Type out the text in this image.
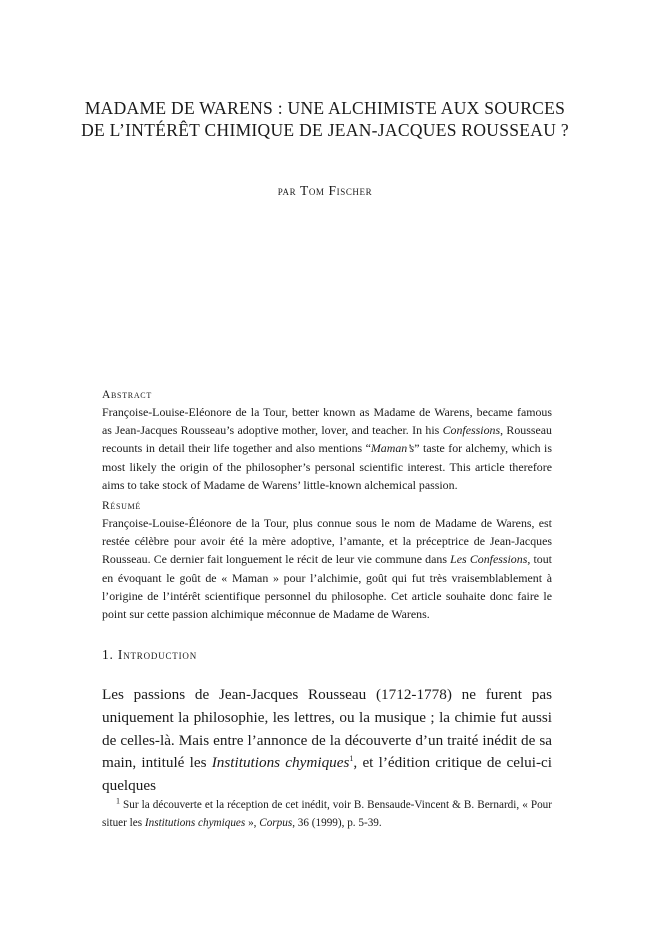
MADAME DE WARENS : UNE ALCHIMISTE AUX SOURCES
DE L’INTÉRÊT CHIMIQUE DE JEAN-JACQUES ROUSSEAU ?
par Tom Fischer
Abstract

Françoise-Louise-Eléonore de la Tour, better known as Madame de Warens, became famous as Jean-Jacques Rousseau’s adoptive mother, lover, and teacher. In his Confessions, Rousseau recounts in detail their life together and also mentions “Maman’s” taste for alchemy, which is most likely the origin of the philosopher’s personal scientific interest. This article therefore aims to take stock of Madame de Warens’ little-known alchemical passion.

Résumé

Françoise-Louise-Éléonore de la Tour, plus connue sous le nom de Madame de Warens, est restée célèbre pour avoir été la mère adoptive, l’amante, et la préceptrice de Jean-Jacques Rousseau. Ce dernier fait longuement le récit de leur vie commune dans Les Confessions, tout en évoquant le goût de « Maman » pour l’alchimie, goût qui fut très vraisemblablement à l’origine de l’intérêt scientifique personnel du philosophe. Cet article souhaite donc faire le point sur cette passion alchimique méconnue de Madame de Warens.

1. Introduction

Les passions de Jean-Jacques Rousseau (1712-1778) ne furent pas uniquement la philosophie, les lettres, ou la musique ; la chimie fut aussi de celles-là. Mais entre l’annonce de la découverte d’un traité inédit de sa main, intitulé les Institutions chymiques$^1$, et l’édition critique de celui-ci quelques

$^1$ Sur la découverte et la réception de cet inédit, voir B. Bensaude-Vincent & B. Bernardi, « Pour situer les Institutions chymiques », Corpus, 36 (1999), p. 5-39.
